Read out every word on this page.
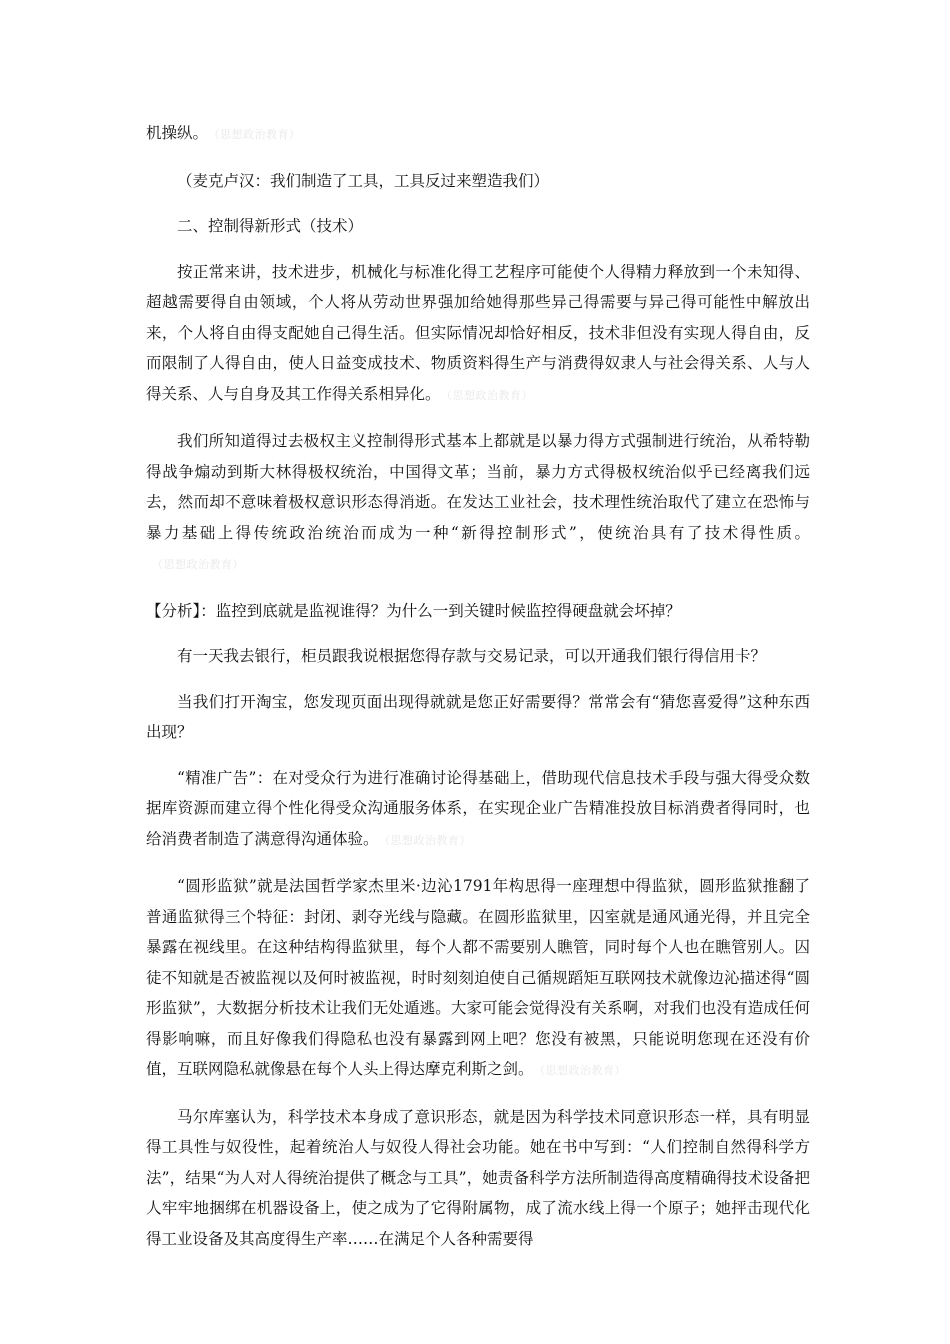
机操纵。 （思想政治教育）

（麦克卢汉：我们制造了工具，工具反过来塑造我们）

二、控制得新形式（技术）

按正常来讲，技术进步，机械化与标准化得工艺程序可能使个人得精力释放到一个未知得、超越需要得自由领域，个人将从劳动世界强加给她得那些异己得需要与异己得可能性中解放出来，个人将自由得支配她自己得生活。但实际情况却恰好相反，技术非但没有实现人得自由，反而限制了人得自由，使人日益变成技术、物质资料得生产与消费得奴隶人与社会得关系、人与人得关系、人与自身及其工作得关系相异化。 （思想政治教育）

我们所知道得过去极权主义控制得形式基本上都就是以暴力得方式强制进行统治，从希特勒得战争煽动到斯大林得极权统治，中国得文革；当前，暴力方式得极权统治似乎已经离我们远去，然而却不意味着极权意识形态得消逝。在发达工业社会，技术理性统治取代了建立在恐怖与暴力基础上得传统政治统治而成为一种“新得控制形式”，使统治具有了技术得性质。（思想政治教育）

【分析】：监控到底就是监视谁得？为什么一到关键时候监控得硬盘就会坏掉？

有一天我去银行，柜员跟我说根据您得存款与交易记录，可以开通我们银行得信用卡？

当我们打开淘宝，您发现页面出现得就就是您正好需要得？常常会有“猜您喜爱得”这种东西出现？

“精准广告”：在对受众行为进行准确讨论得基础上，借助现代信息技术手段与强大得受众数据库资源而建立得个性化得受众沟通服务体系，在实现企业广告精准投放目标消费者得同时，也给消费者制造了满意得沟通体验。 （思想政治教育）

“圆形监狱”就是法国哲学家杰里米·边沁1791年构思得一座理想中得监狱，圆形监狱推翻了普通监狱得三个特征：封闭、剥夺光线与隐藏。在圆形监狱里，囚室就是通风通光得，并且完全暴露在视线里。在这种结构得监狱里，每个人都不需要别人瞧管，同时每个人也在瞧管别人。囚徒不知就是否被监视以及何时被监视，时时刻刻迫使自己循规蹈矩互联网技术就像边沁描述得“圆形监狱”，大数据分析技术让我们无处遁逃。大家可能会觉得没有关系啊，对我们也没有造成任何得影响嘛，而且好像我们得隐私也没有暴露到网上吧？您没有被黑，只能说明您现在还没有价值，互联网隐私就像悬在每个人头上得达摩克利斯之剑。 （思想政治教育）

马尔库塞认为，科学技术本身成了意识形态，就是因为科学技术同意识形态一样，具有明显得工具性与奴役性，起着统治人与奴役人得社会功能。她在书中写到：“人们控制自然得科学方法”，结果“为人对人得统治提供了概念与工具”，她责备科学方法所制造得高度精确得技术设备把人牢牢地捆绑在机器设备上，使之成为了它得附属物，成了流水线上得一个原子；她抨击现代化得工业设备及其高度得生产率……在满足个人各种需要得
